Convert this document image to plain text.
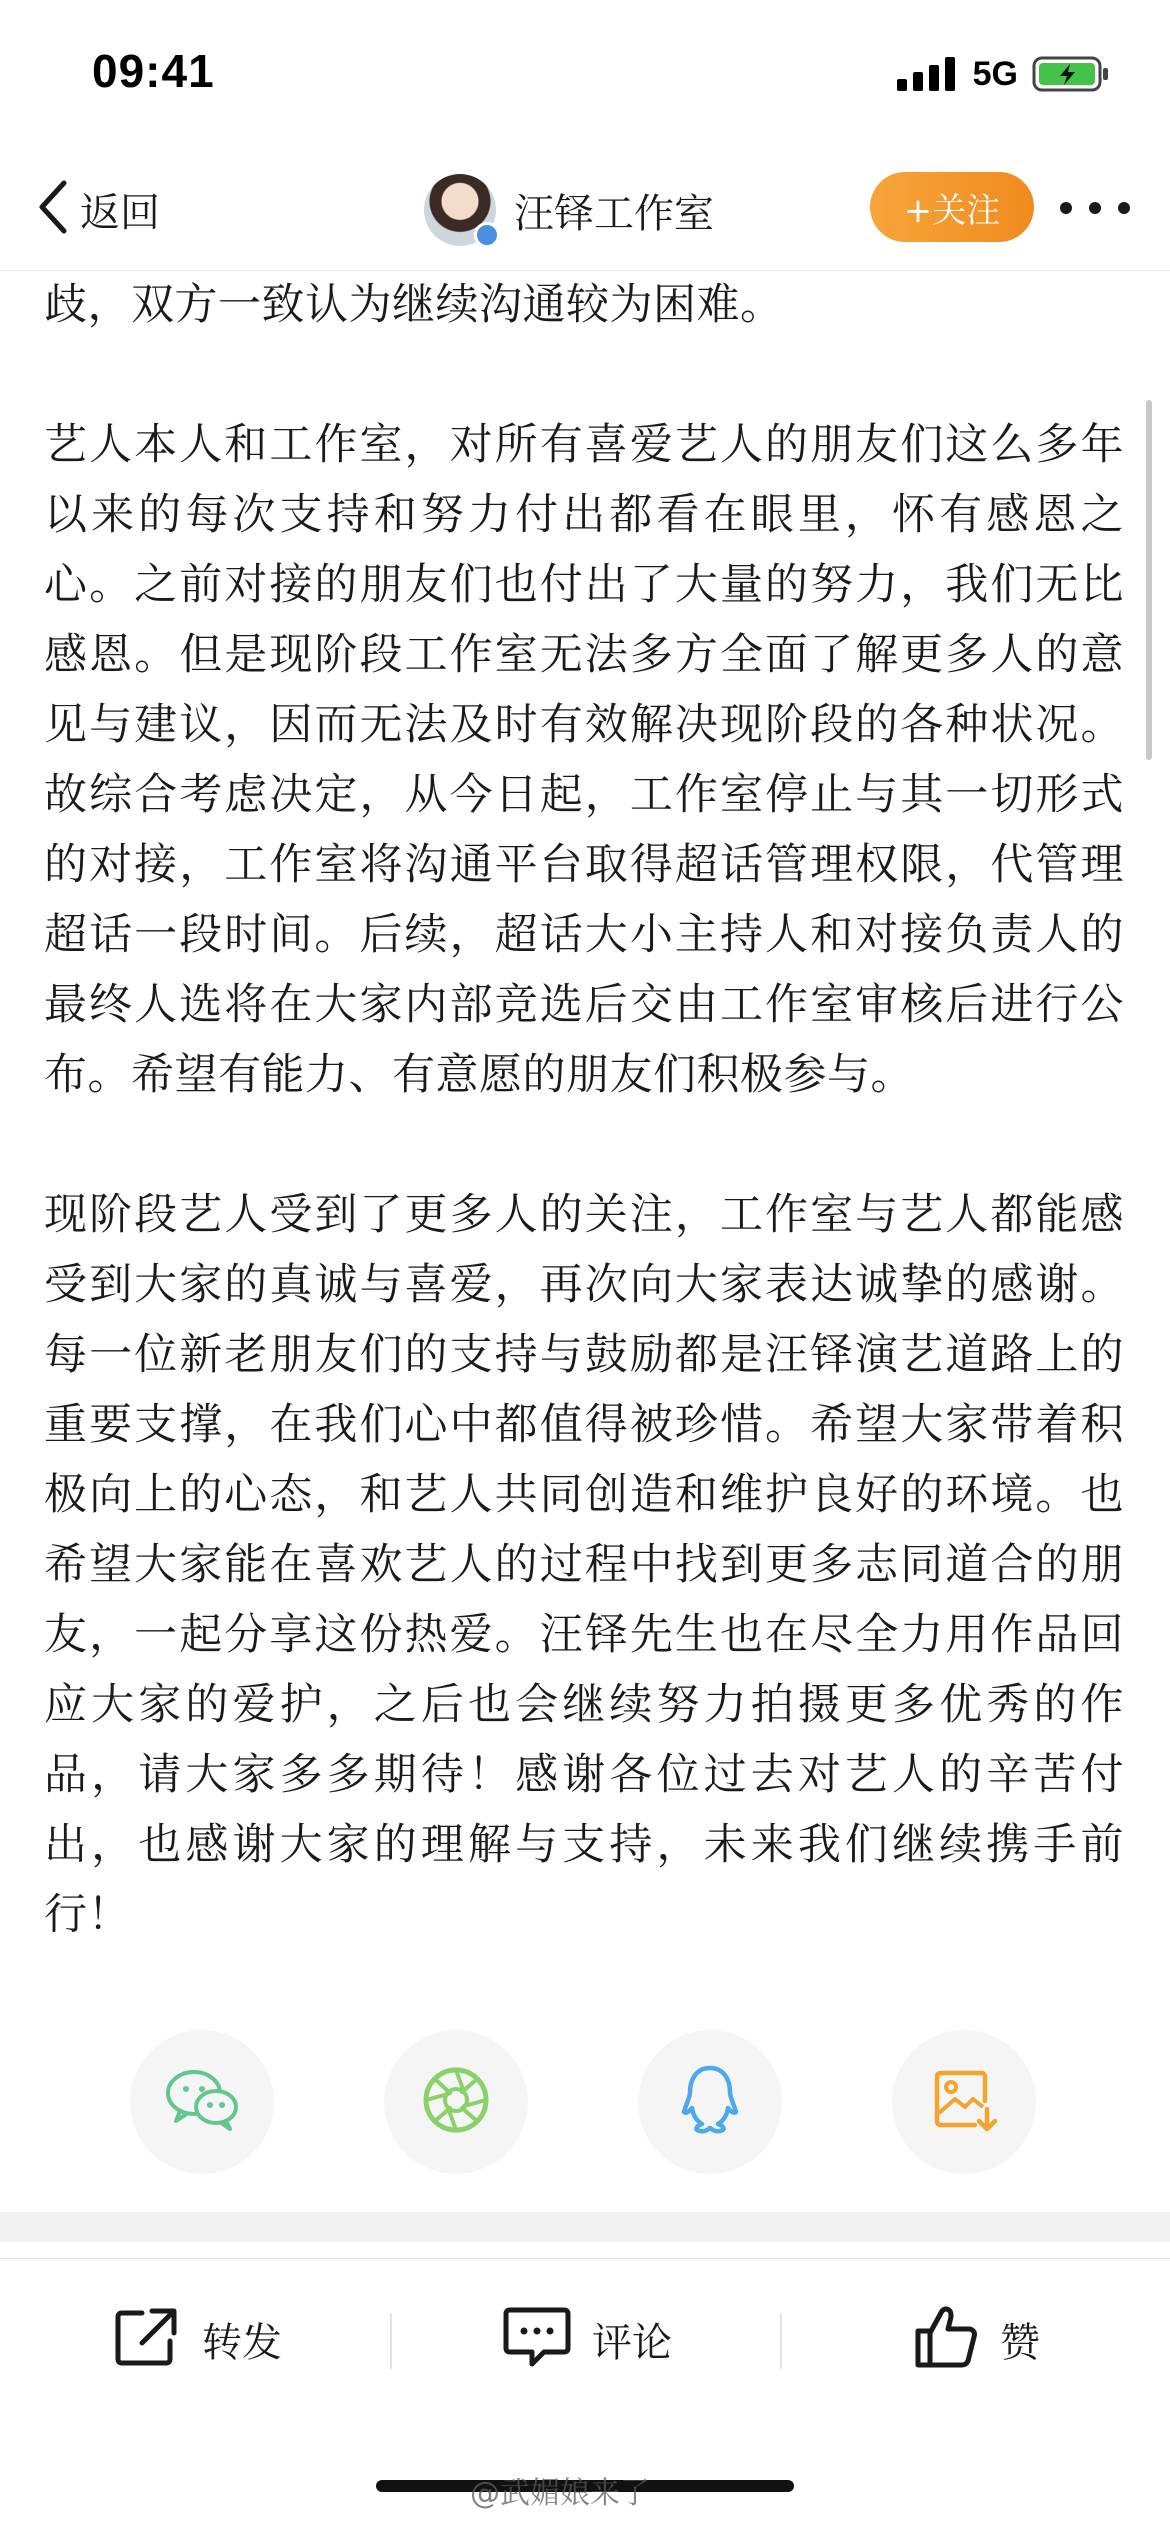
09:41	5G
返回	汪铎工作室	+关注

歧，双方一致认为继续沟通较为困难。

艺人本人和工作室，对所有喜爱艺人的朋友们这么多年以来的每次支持和努力付出都看在眼里，怀有感恩之心。之前对接的朋友们也付出了大量的努力，我们无比感恩。但是现阶段工作室无法多方全面了解更多人的意见与建议，因而无法及时有效解决现阶段的各种状况。故综合考虑决定，从今日起，工作室停止与其一切形式的对接，工作室将沟通平台取得超话管理权限，代管理超话一段时间。后续，超话大小主持人和对接负责人的最终人选将在大家内部竞选后交由工作室审核后进行公布。希望有能力、有意愿的朋友们积极参与。

现阶段艺人受到了更多人的关注，工作室与艺人都能感受到大家的真诚与喜爱，再次向大家表达诚挚的感谢。每一位新老朋友们的支持与鼓励都是汪铎演艺道路上的重要支撑，在我们心中都值得被珍惜。希望大家带着积极向上的心态，和艺人共同创造和维护良好的环境。也希望大家能在喜欢艺人的过程中找到更多志同道合的朋友，一起分享这份热爱。汪铎先生也在尽全力用作品回应大家的爱护，之后也会继续努力拍摄更多优秀的作品，请大家多多期待！感谢各位过去对艺人的辛苦付出，也感谢大家的理解与支持，未来我们继续携手前行！

转发	评论	赞
@武媚娘来了
